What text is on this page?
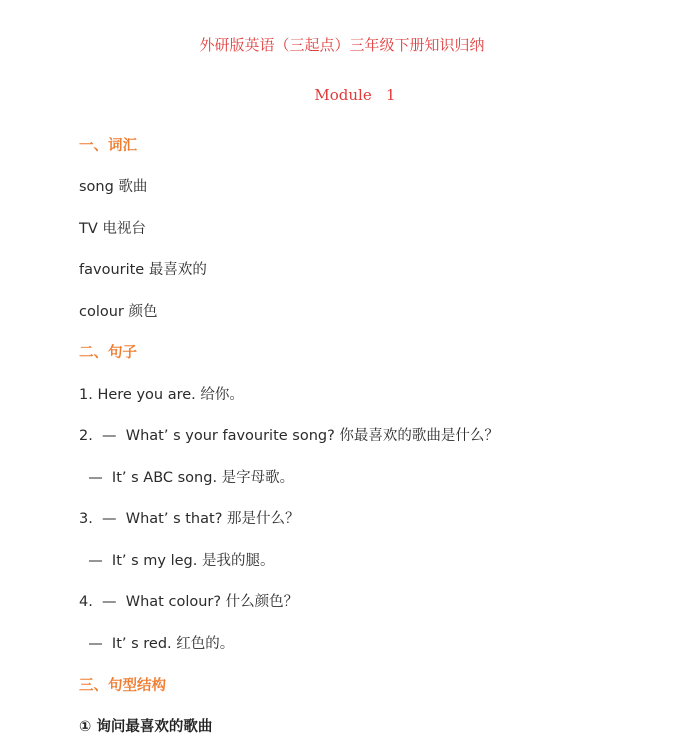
外研版英语（三起点）三年级下册知识归纳
Module   1
一、词汇
song 歌曲
TV 电视台
favourite 最喜欢的
colour 颜色
二、句子
1. Here you are. 给你。
2.  —  What’ s your favourite song? 你最喜欢的歌曲是什么？
—  It’ s ABC song. 是字母歌。
3.  —  What’ s that? 那是什么？
—  It’ s my leg. 是我的腿。
4.  —  What colour? 什么颜色？
—  It’ s red. 红色的。
三、句型结构
① 询问最喜欢的歌曲
